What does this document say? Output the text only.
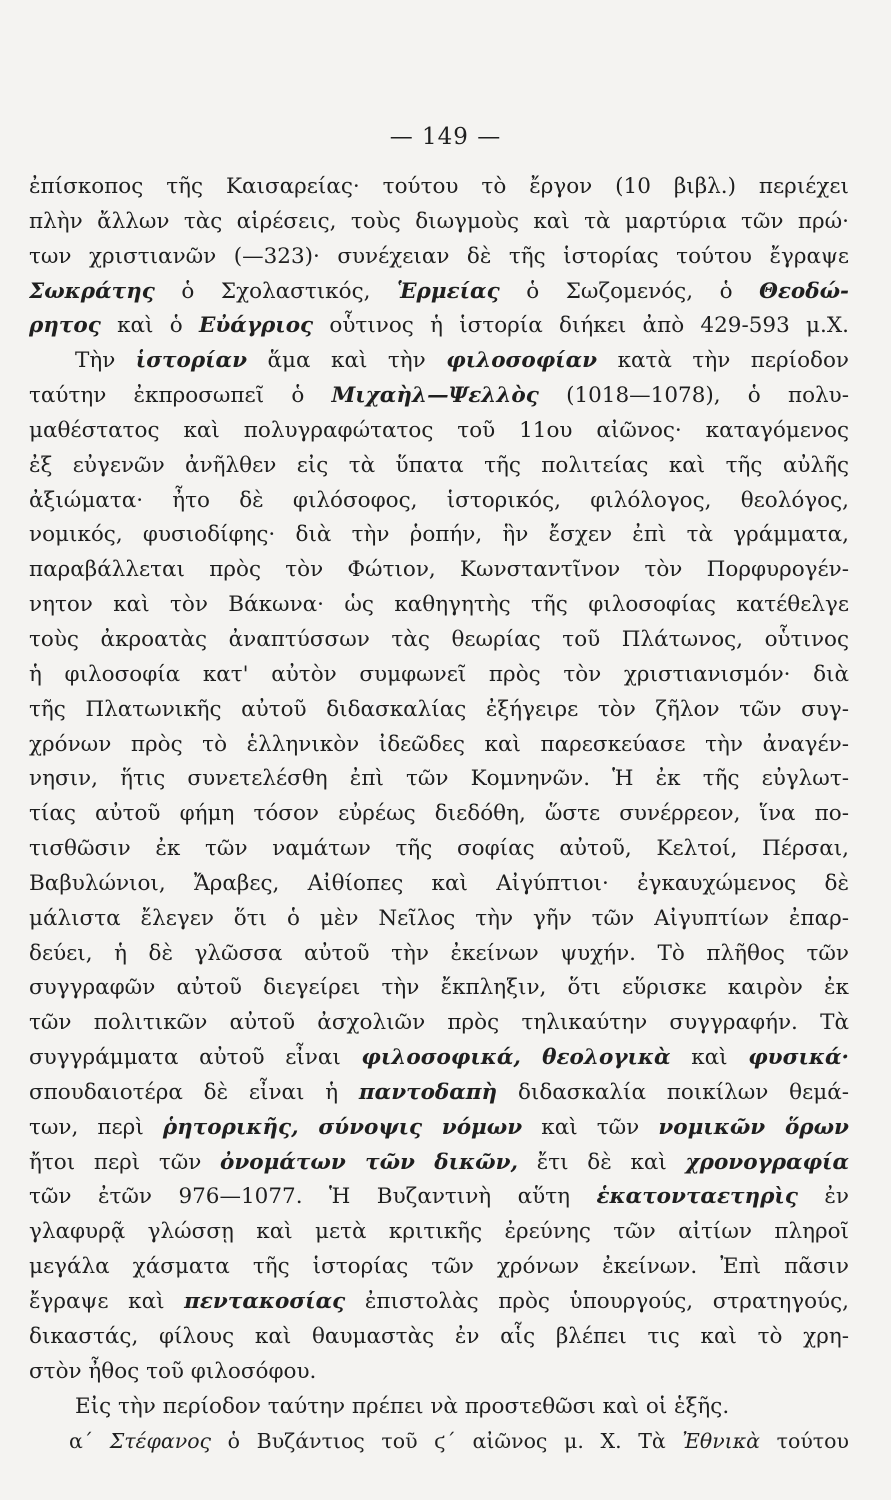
— 149 —
ἐπίσκοπος τῆς Καισαρείας· τούτου τὸ ἔργον (10 βιβλ.) περιέχει
πλὴν ἄλλων τὰς αἱρέσεις, τοὺς διωγμοὺς καὶ τὰ μαρτύρια τῶν πρώ·
των χριστιανῶν (—323)· συνέχειαν δὲ τῆς ἱστορίας τούτου ἔγραψε
Σωκράτης ὁ Σχολαστικός, Ἑρμείας ὁ Σωζομενός, ὁ Θεοδώ-
ρητος καὶ ὁ Εὐάγριος οὗτινος ἡ ἱστορία διήκει ἀπὸ 429-593 μ.Χ.
Τὴν ἱστορίαν ἅμα καὶ τὴν φιλοσοφίαν κατὰ τὴν περίοδον
ταύτην ἐκπροσωπεῖ ὁ Μιχαὴλ—Ψελλὸς (1018—1078), ὁ πολυ-
μαθέστατος καὶ πολυγραφώτατος τοῦ 11ου αἰῶνος· καταγόμενος
ἐξ εὐγενῶν ἀνῆλθεν εἰς τὰ ὕπατα τῆς πολιτείας καὶ τῆς αὐλῆς
ἀξιώματα· ἦτο δὲ φιλόσοφος, ἱστορικός, φιλόλογος, θεολόγος,
νομικός, φυσιοδίφης· διὰ τὴν ῥοπήν, ἣν ἔσχεν ἐπὶ τὰ γράμματα,
παραβάλλεται πρὸς τὸν Φώτιον, Κωνσταντῖνον τὸν Πορφυρογέν-
νητον καὶ τὸν Βάκωνα· ὡς καθηγητὴς τῆς φιλοσοφίας κατέθελγε
τοὺς ἀκροατὰς ἀναπτύσσων τὰς θεωρίας τοῦ Πλάτωνος, οὗτινος
ἡ φιλοσοφία κατ' αὐτὸν συμφωνεῖ πρὸς τὸν χριστιανισμόν· διὰ
τῆς Πλατωνικῆς αὐτοῦ διδασκαλίας ἐξήγειρε τὸν ζῆλον τῶν συγ-
χρόνων πρὸς τὸ ἑλληνικὸν ἰδεῶδες καὶ παρεσκεύασε τὴν ἀναγέν-
νησιν, ἥτις συνετελέσθη ἐπὶ τῶν Κομνηνῶν. Ἡ ἐκ τῆς εὐγλωτ-
τίας αὐτοῦ φήμη τόσον εὐρέως διεδόθη, ὥστε συνέρρεον, ἵνα πο-
τισθῶσιν ἐκ τῶν ναμάτων τῆς σοφίας αὐτοῦ, Κελτοί, Πέρσαι,
Βαβυλώνιοι, Ἄραβες, Αἰθίοπες καὶ Αἰγύπτιοι· ἐγκαυχώμενος δὲ
μάλιστα ἔλεγεν ὅτι ὁ μὲν Νεῖλος τὴν γῆν τῶν Αἰγυπτίων ἐπαρ-
δεύει, ἡ δὲ γλῶσσα αὐτοῦ τὴν ἐκείνων ψυχήν. Τὸ πλῆθος τῶν
συγγραφῶν αὐτοῦ διεγείρει τὴν ἔκπληξιν, ὅτι εὕρισκε καιρὸν ἐκ
τῶν πολιτικῶν αὐτοῦ ἀσχολιῶν πρὸς τηλικαύτην συγγραφήν. Τὰ
συγγράμματα αὐτοῦ εἶναι φιλοσοφικά, θεολογικὰ καὶ φυσικά·
σπουδαιοτέρα δὲ εἶναι ἡ παντοδαπὴ διδασκαλία ποικίλων θεμά-
των, περὶ ῥητορικῆς, σύνοψις νόμων καὶ τῶν νομικῶν ὅρων
ἤτοι περὶ τῶν ὀνομάτων τῶν δικῶν, ἔτι δὲ καὶ χρονογραφία
τῶν ἐτῶν 976—1077. Ἡ Βυζαντινὴ αὕτη ἑκατονταετηρὶς ἐν
γλαφυρᾷ γλώσσῃ καὶ μετὰ κριτικῆς ἐρεύνης τῶν αἰτίων πληροῖ
μεγάλα χάσματα τῆς ἱστορίας τῶν χρόνων ἐκείνων. Ἐπὶ πᾶσιν
ἔγραψε καὶ πεντακοσίας ἐπιστολὰς πρὸς ὑπουργούς, στρατηγούς,
δικαστάς, φίλους καὶ θαυμαστὰς ἐν αἷς βλέπει τις καὶ τὸ χρη-
στὸν ἦθος τοῦ φιλοσόφου.
Εἰς τὴν περίοδον ταύτην πρέπει νὰ προστεθῶσι καὶ οἱ ἑξῆς.
α΄ Στέφανος ὁ Βυζάντιος τοῦ ϛ΄ αἰῶνος μ. Χ. Τὰ Ἐθνικὰ τούτου
